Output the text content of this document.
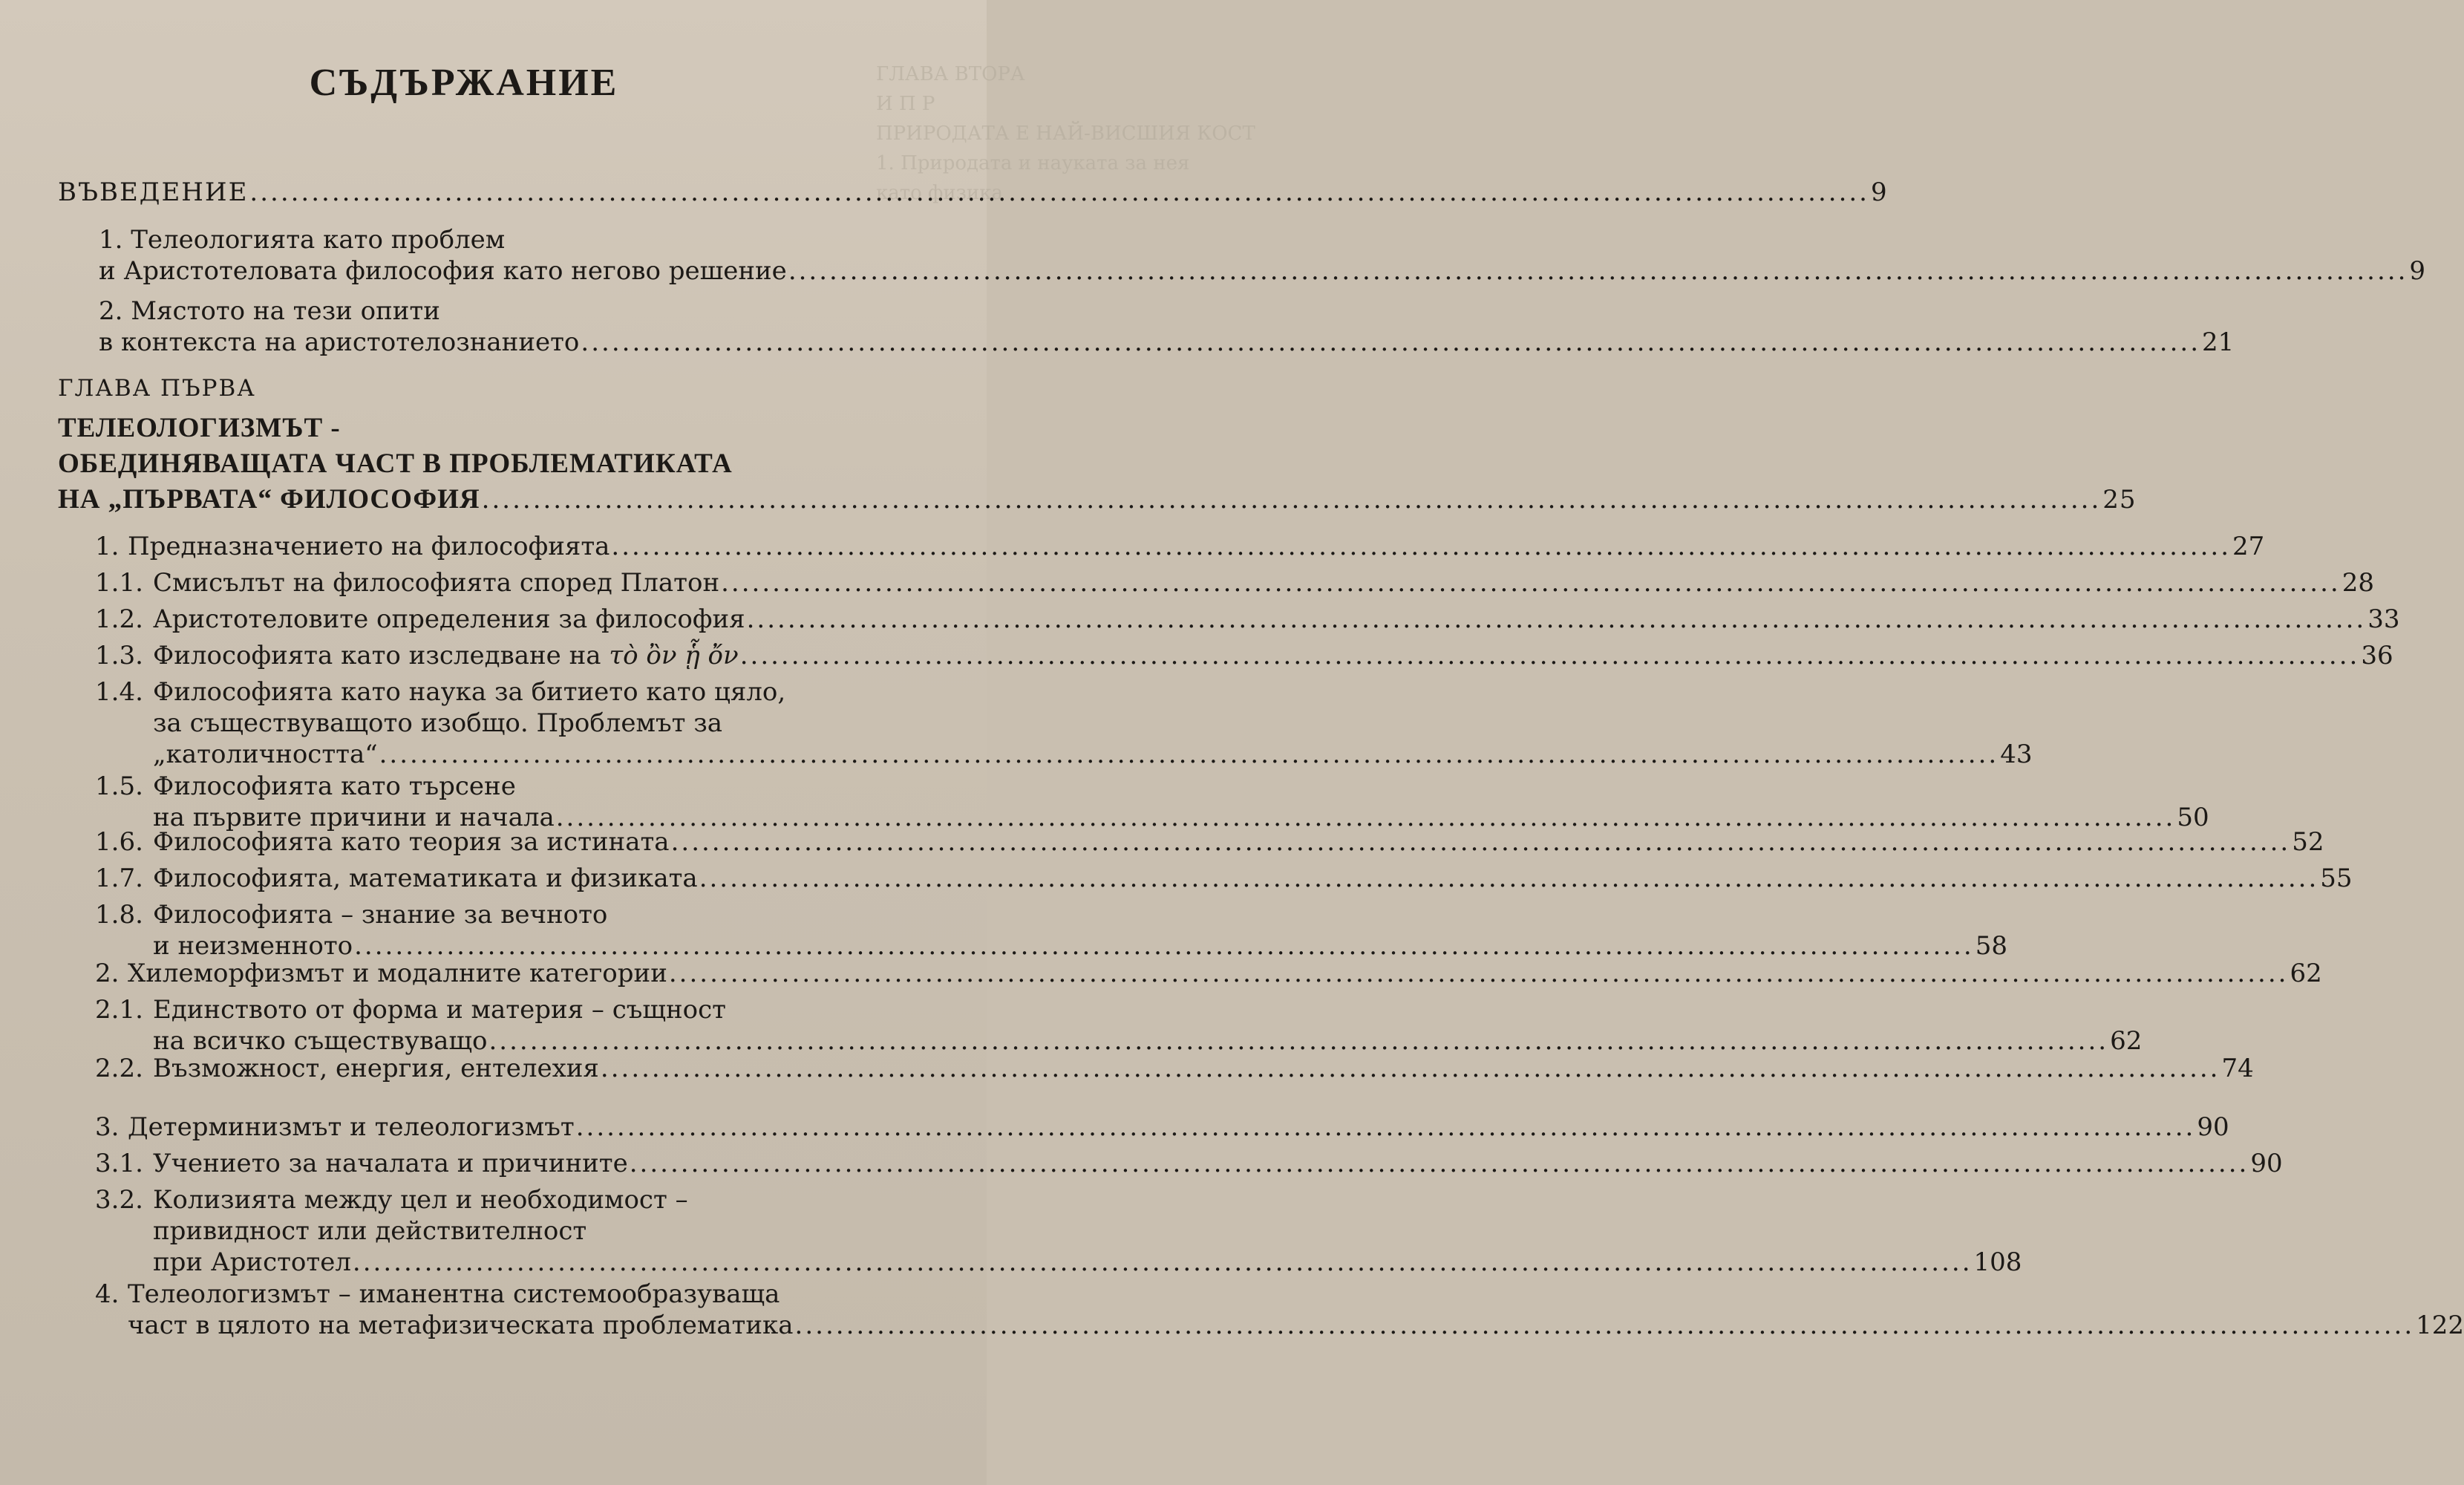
ГЛАВА ВТОРА
И П Р
ПРИРОДАТА Е НАЙ-ВИСШИЯ КОСТ
1. Природата и науката за нея
като физика
СЪДЪРЖАНИЕ
ВЪВЕДЕНИЕ .....	9
1. Телеологията като проблем
и Аристотеловата философия като негово решение .....	9
2. Мястото на тези опити
в контекста на аристотелознанието .....	21
ГЛАВА ПЪРВА
ТЕЛЕОЛОГИЗМЪТ -
ОБЕДИНЯВАЩАТА ЧАСТ В ПРОБЛЕМАТИКАТА
НА „ПЪРВАТА“ ФИЛОСОФИЯ .....	25
1. Предназначението на философията .....	27
1.1. Смисълът на философията според Платон .....	28
1.2. Аристотеловите определения за философия .....	33
1.3. Философията като изследване на τὸ ὂν ᾗ ὄν .....	36
1.4. Философията като наука за битието като цяло,
за съществуващото изобщо. Проблемът за
„католичността“ .....	43
1.5. Философията като търсене
на първите причини и начала .....	50
1.6. Философията като теория за истината .....	52
1.7. Философията, математиката и физиката .....	55
1.8. Философията – знание за вечното
и неизменното .....	58
2. Хилеморфизмът и модалните категории .....	62
2.1. Единството от форма и материя – същност
на всичко съществуващо .....	62
2.2. Възможност, енергия, ентелехия .....	74
3. Детерминизмът и телеологизмът .....	90
3.1. Учението за началата и причините .....	90
3.2. Колизията между цел и необходимост –
привидност или действителност
при Аристотел .....	108
4. Телеологизмът – иманентна системообразуваща
част в цялото на метафизическата проблематика .....	122
